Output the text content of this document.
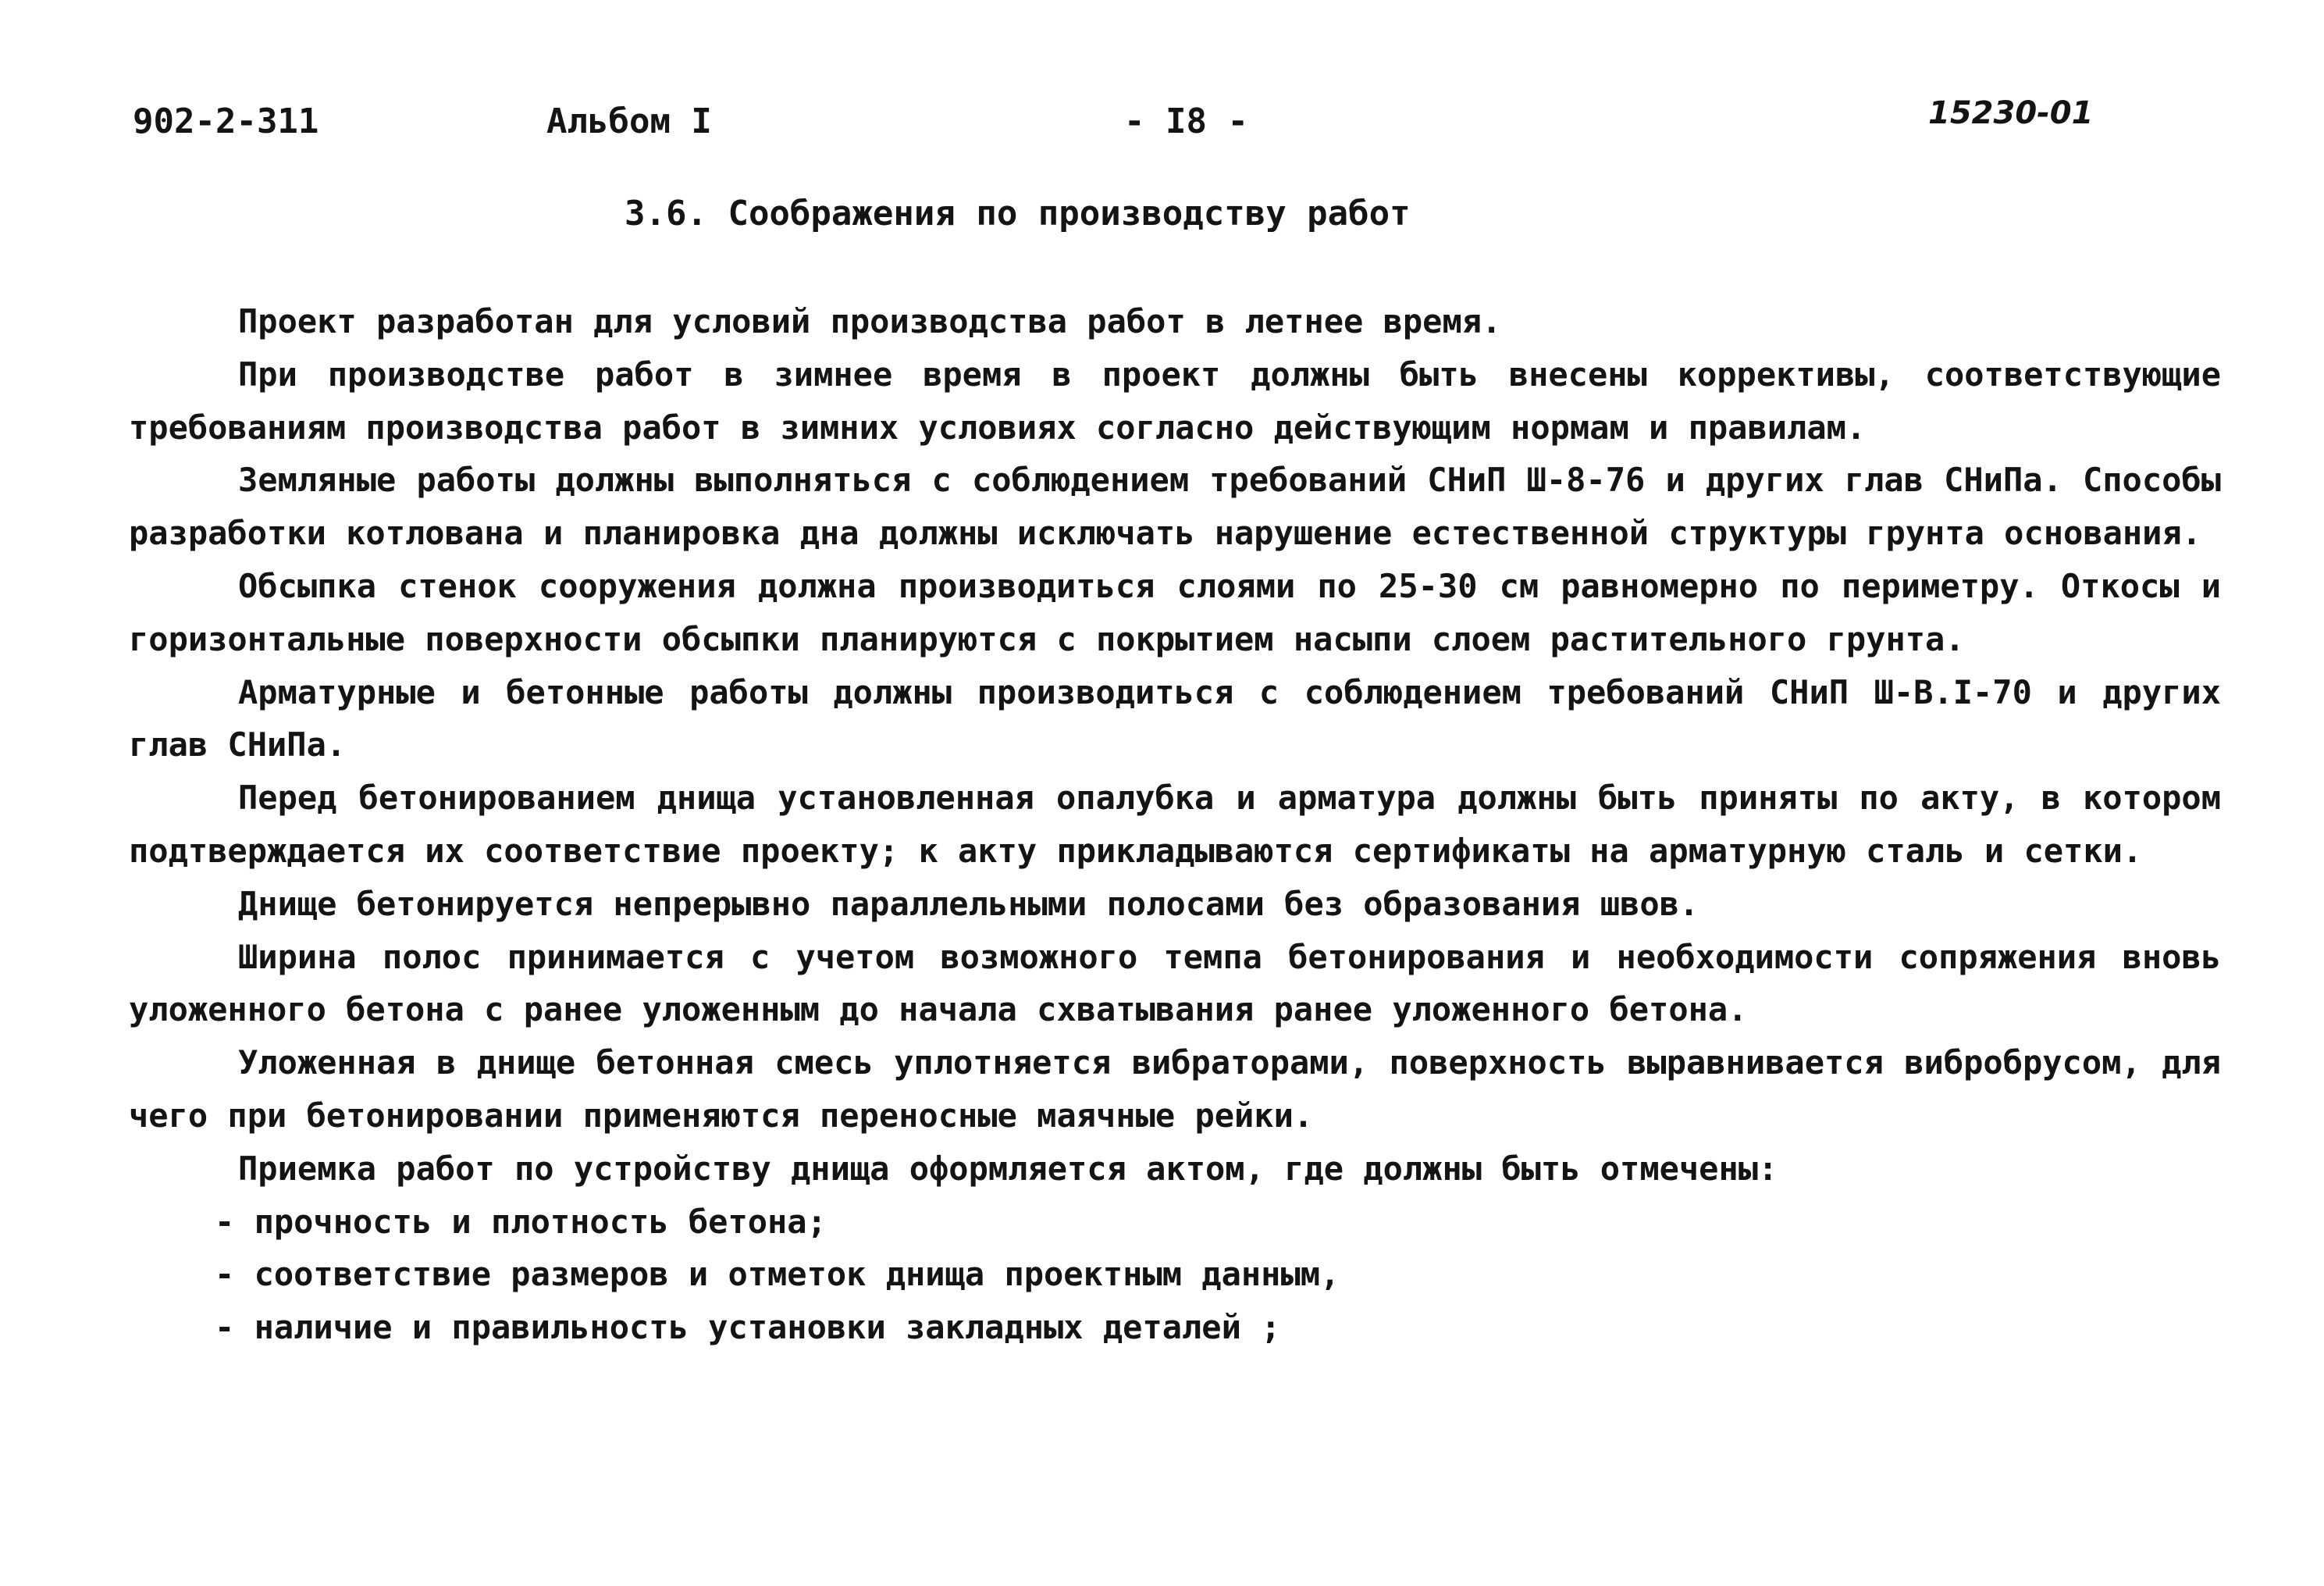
902-2-311	Альбом I	- I8 -	15230-01
3.6. Соображения по производству работ

Проект разработан для условий производства работ в летнее время.

При производстве работ в зимнее время в проект должны быть внесены коррективы, соответствующие требованиям производства работ в зимних условиях согласно действующим нормам и правилам.

Земляные работы должны выполняться с соблюдением требований СНиП Ш-8-76 и других глав СНиПа. Способы разработки котлована и планировка дна должны исключать нарушение естественной структуры грунта основания.

Обсыпка стенок сооружения должна производиться слоями по 25-30 см равномерно по периметру. Откосы и горизонтальные поверхности обсыпки планируются с покрытием насыпи слоем растительного грунта.

Арматурные и бетонные работы должны производиться с соблюдением требований СНиП Ш-В.I-70 и других глав СНиПа.

Перед бетонированием днища установленная опалубка и арматура должны быть приняты по акту, в котором подтверждается их соответствие проекту; к акту прикладываются сертификаты на арматурную сталь и сетки.

Днище бетонируется непрерывно параллельными полосами без образования швов.

Ширина полос принимается с учетом возможного темпа бетонирования и необходимости сопряжения вновь уложенного бетона с ранее уложенным до начала схватывания ранее уложенного бетона.

Уложенная в днище бетонная смесь уплотняется вибраторами, поверхность выравнивается вибробрусом, для чего при бетонировании применяются переносные маячные рейки.

Приемка работ по устройству днища оформляется актом, где должны быть отмечены:

- прочность и плотность бетона;
- соответствие размеров и отметок днища проектным данным,
- наличие и правильность установки закладных деталей ;
